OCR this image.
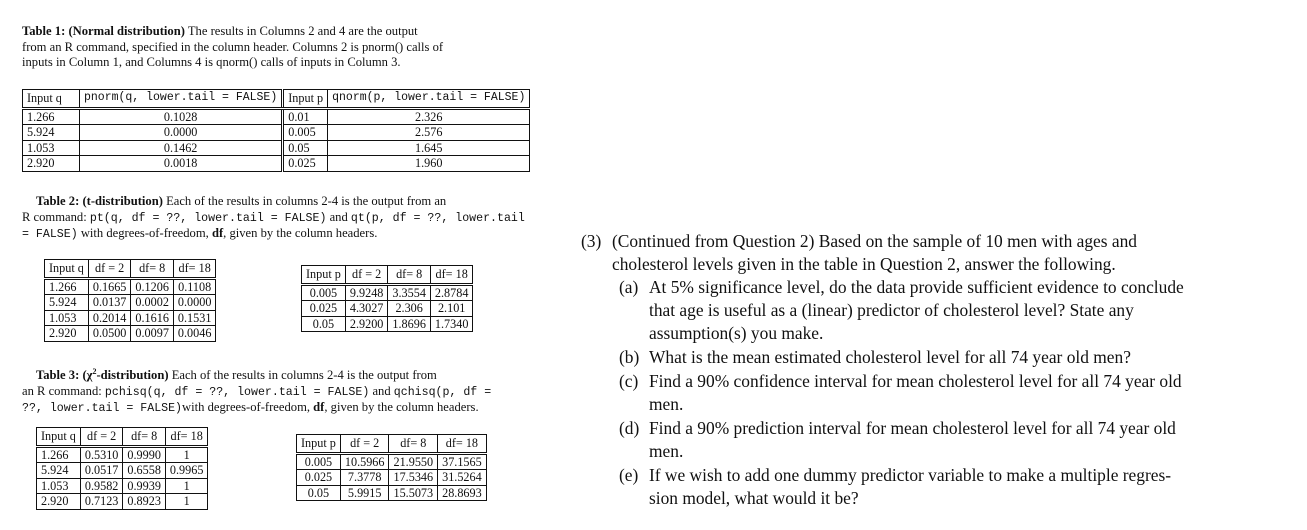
Table 1: (Normal distribution) The results in Columns 2 and 4 are the output
from an R command, specified in the column header. Columns 2 is pnorm() calls of
inputs in Column 1, and Columns 4 is qnorm() calls of inputs in Column 3.
Input q	pnorm(q, lower.tail = FALSE)	Input p	qnorm(p, lower.tail = FALSE)
1.266	0.1028	0.01	2.326
5.924	0.0000	0.005	2.576
1.053	0.1462	0.05	1.645
2.920	0.0018	0.025	1.960
Table 2: (t-distribution) Each of the results in columns 2-4 is the output from an
R command: pt(q, df = ??, lower.tail = FALSE) and qt(p, df = ??, lower.tail
= FALSE) with degrees-of-freedom, df, given by the column headers.
Input q	df = 2	df= 8	df= 18
1.266	0.1665	0.1206	0.1108
5.924	0.0137	0.0002	0.0000
1.053	0.2014	0.1616	0.1531
2.920	0.0500	0.0097	0.0046
Input p	df = 2	df= 8	df= 18
0.005	9.9248	3.3554	2.8784
0.025	4.3027	2.306	2.101
0.05	2.9200	1.8696	1.7340
Table 3: $(\chi^2-distribution)$ Each of the results in columns 2-4 is the output from
an R command: pchisq(q, df = ??, lower.tail = FALSE) and qchisq(p, df =
??, lower.tail = FALSE)with degrees-of-freedom, df, given by the column headers.
Input q	df = 2	df= 8	df= 18
1.266	0.5310	0.9990	1
5.924	0.0517	0.6558	0.9965
1.053	0.9582	0.9939	1
2.920	0.7123	0.8923	1
Input p	df = 2	df= 8	df= 18
0.005	10.5966	21.9550	37.1565
0.025	7.3778	17.5346	31.5264
0.05	5.9915	15.5073	28.8693
(3) (Continued from Question 2) Based on the sample of 10 men with ages and
cholesterol levels given in the table in Question 2, answer the following.
(a) At 5% significance level, do the data provide sufficient evidence to conclude
that age is useful as a (linear) predictor of cholesterol level? State any
assumption(s) you make.
(b) What is the mean estimated cholesterol level for all 74 year old men?
(c) Find a 90% confidence interval for mean cholesterol level for all 74 year old
men.
(d) Find a 90% prediction interval for mean cholesterol level for all 74 year old
men.
(e) If we wish to add one dummy predictor variable to make a multiple regres-
sion model, what would it be?
